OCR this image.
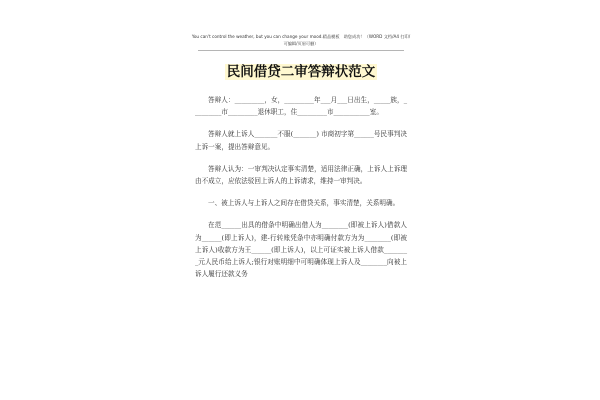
You can't control the weather, but you can change your mood.精品模板　助您成功！（WORD 文档/A4 打印/
可编辑/页眉可删）
民间借贷二审答辩状范文

答辩人：_________，女，_________年___月___日出生，_____族，_________市_________退休职工，住_________市___________室。

答辩人就上诉人_______不服(_______) 市商初字第______号民事判决上诉一案，提出答辩意见。

答辩人认为：一审判决认定事实清楚，适用法律正确，上诉人上诉理由不成立，应依法驳回上诉人的上诉请求，维持一审判决。

一、被上诉人与上诉人之间存在借贷关系，事实清楚，关系明确。

在范______出具的借条中明确出借人为________(即被上诉人)借款人为______(即上诉人)，建-行转账凭条中亦明确付款方为为________(即被上诉人)收款方为王______(即上诉人)，以上可证实被上诉人借款________元人民币给上诉人;银行对账明细中可明确体现上诉人及________向被上诉人履行还款义务
